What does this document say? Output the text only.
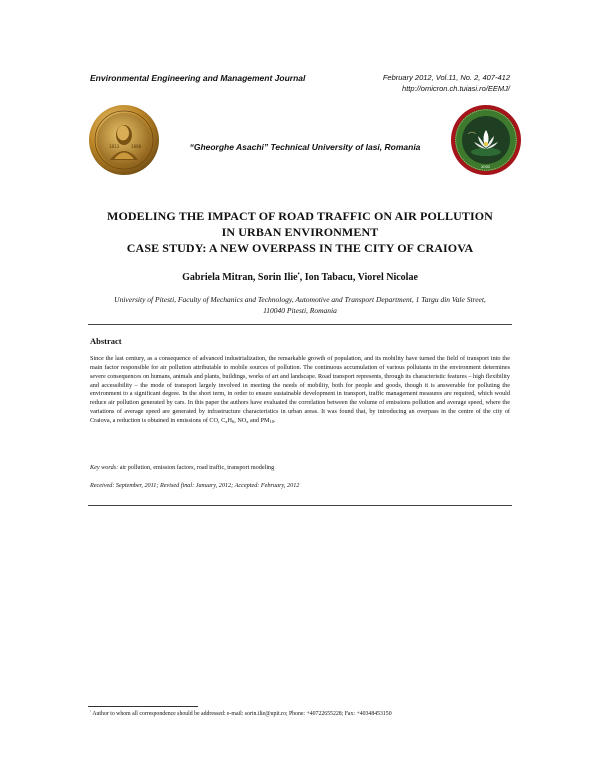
Environmental Engineering and Management Journal	February 2012, Vol.11, No. 2, 407-412
http://omicron.ch.tuiasi.ro/EEMJ/
1813	1888	“Gheorghe Asachi” Technical University of Iasi, Romania
2002
MODELING THE IMPACT OF ROAD TRAFFIC ON AIR POLLUTION
IN URBAN ENVIRONMENT
CASE STUDY: A NEW OVERPASS IN THE CITY OF CRAIOVA
Gabriela Mitran, Sorin Ilie•, Ion Tabacu, Viorel Nicolae
University of Pitesti, Faculty of Mechanics and Technology, Automotive and Transport Department, 1 Targu din Vale Street,
110040 Pitesti, Romania
Abstract

Since the last century, as a consequence of advanced industrialization, the remarkable growth of population, and its mobility have turned the field of transport into the main factor responsible for air pollution attributable to mobile sources of pollution. The continuous accumulation of various pollutants in the environment determines severe consequences on humans, animals and plants, buildings, works of art and landscape. Road transport represents, through its characteristic features – high flexibility and accessibility – the mode of transport largely involved in meeting the needs of mobility, both for people and goods, though it is answerable for polluting the environment to a significant degree. In the short term, in order to ensure sustainable development in transport, traffic management measures are required, which would reduce air pollution generated by cars. In this paper the authors have evaluated the correlation between the volume of emissions pollution and average speed, where the variations of average speed are generated by infrastructure characteristics in urban areas. It was found that, by introducing an overpass in the centre of the city of Craiova, a reduction is obtained in emissions of CO, $C_xH_6$, $NO_x$ and $PM_{10}$.

Key words: air pollution, emission factors, road traffic, transport modeling
Received: September, 2011; Revised final: January, 2012; Accepted: February, 2012
• Author to whom all correspondence should be addressed: e-mail: sorin.ilie@upit.ro; Phone: +40722655228; Fax: +40348453150
